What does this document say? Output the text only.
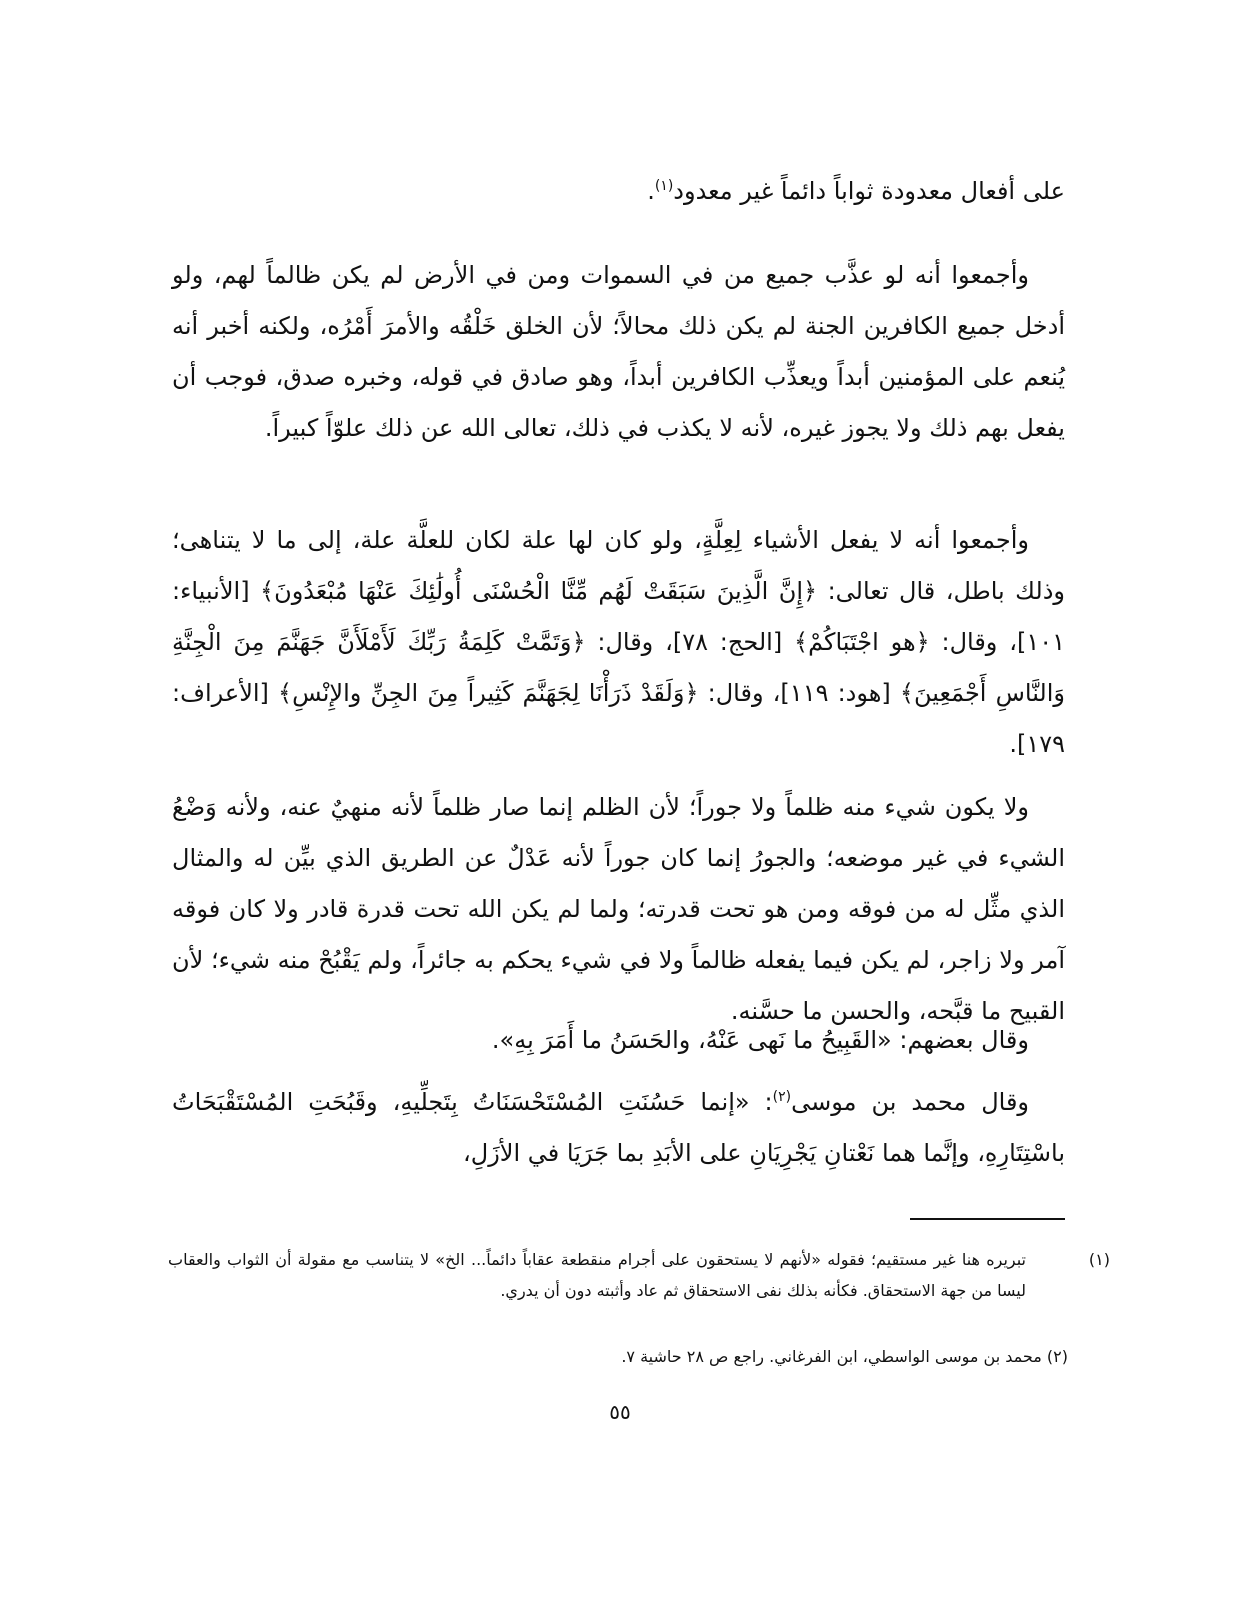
على أفعال معدودة ثواباً دائماً غير معدود$^{(١)}$.

وأجمعوا أنه لو عذَّب جميع من في السموات ومن في الأرض لم يكن ظالماً لهم، ولو أدخل جميع الكافرين الجنة لم يكن ذلك محالاً؛ لأن الخلق خَلْقُه والأمرَ أَمْرُه، ولكنه أخبر أنه يُنعم على المؤمنين أبداً ويعذِّب الكافرين أبداً، وهو صادق في قوله، وخبره صدق، فوجب أن يفعل بهم ذلك ولا يجوز غيره، لأنه لا يكذب في ذلك، تعالى الله عن ذلك علوّاً كبيراً.

وأجمعوا أنه لا يفعل الأشياء لِعِلَّةٍ، ولو كان لها علة لكان للعلَّة علة، إلى ما لا يتناهى؛ وذلك باطل، قال تعالى: ﴿إِنَّ الَّذِينَ سَبَقَتْ لَهُم مِّنَّا الْحُسْنَى أُولَٰئِكَ عَنْهَا مُبْعَدُونَ﴾ [الأنبياء: ١٠١]، وقال: ﴿هو اجْتَبَاكُمْ﴾ [الحج: ٧٨]، وقال: ﴿وَتَمَّتْ كَلِمَةُ رَبِّكَ لَأَمْلَأَنَّ جَهَنَّمَ مِنَ الْجِنَّةِ وَالنَّاسِ أَجْمَعِينَ﴾ [هود: ١١٩]، وقال: ﴿وَلَقَدْ ذَرَأْنَا لِجَهَنَّمَ كَثِيراً مِنَ الجِنِّ والإِنْسِ﴾ [الأعراف: ١٧٩].

ولا يكون شيء منه ظلماً ولا جوراً؛ لأن الظلم إنما صار ظلماً لأنه منهيٌ عنه، ولأنه وَضْعُ الشيء في غير موضعه؛ والجورُ إنما كان جوراً لأنه عَدْلٌ عن الطريق الذي بيِّن له والمثال الذي مثِّل له من فوقه ومن هو تحت قدرته؛ ولما لم يكن الله تحت قدرة قادر ولا كان فوقه آمر ولا زاجر، لم يكن فيما يفعله ظالماً ولا في شيء يحكم به جائراً، ولم يَقْبُحْ منه شيء؛ لأن القبيح ما قبَّحه، والحسن ما حسَّنه.

وقال بعضهم: «القَبِيحُ ما نَهى عَنْهُ، والحَسَنُ ما أَمَرَ بِهِ».

وقال محمد بن موسى$^{(٢)}$: «إنما حَسُنَتِ المُسْتَحْسَنَاتُ بِتَجلِّيهِ، وقَبُحَتِ المُسْتَقْبَحَاتُ باسْتِتَارِهِ، وإنَّما هما نَعْتانِ يَجْرِيَانِ على الأبَدِ بما جَرَيَا في الأزَلِ،

(١)تبريره هنا غير مستقيم؛ فقوله «لأنهم لا يستحقون على أجرام منقطعة عقاباً دائماً... الخ» لا يتناسب مع مقولة أن الثواب والعقاب ليسا من جهة الاستحقاق. فكأنه بذلك نفى الاستحقاق ثم عاد وأثبته دون أن يدري.

(٢) محمد بن موسى الواسطي، ابن الفرغاني. راجع ص ٢٨ حاشية ٧.

٥٥
